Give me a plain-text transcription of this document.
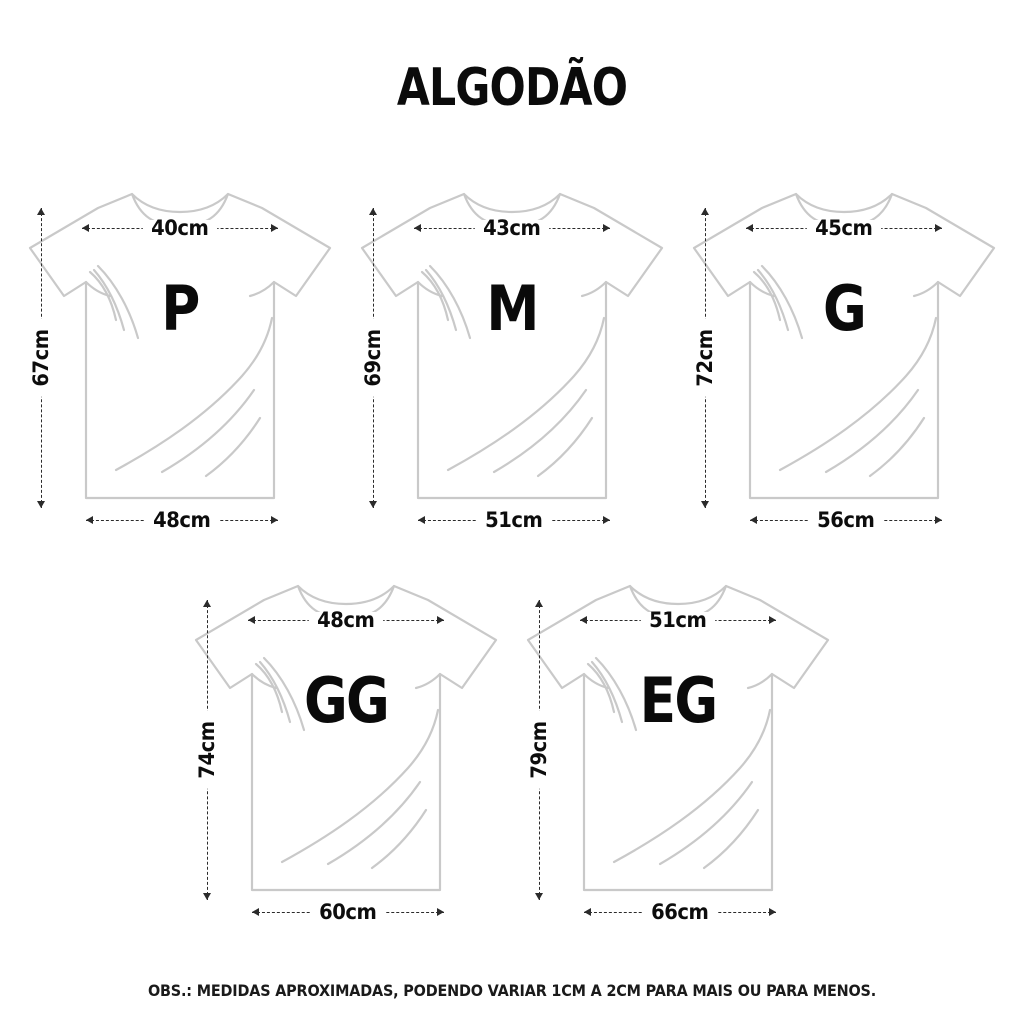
ALGODÃO
P
40cm
48cm
67cm
M
43cm
51cm
69cm
G
45cm
56cm
72cm
GG
48cm
60cm
74cm
EG
51cm
66cm
79cm
OBS.: MEDIDAS APROXIMADAS, PODENDO VARIAR 1CM A 2CM PARA MAIS OU PARA MENOS.
